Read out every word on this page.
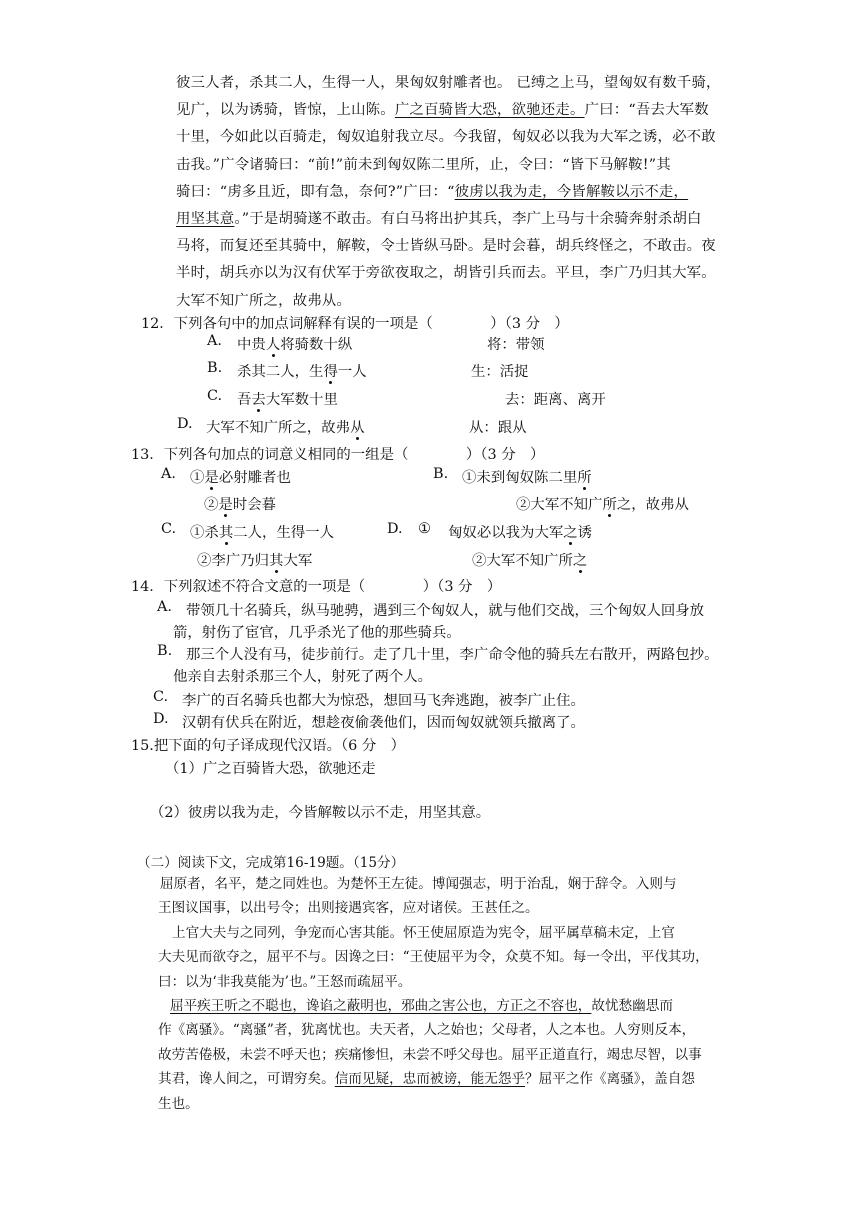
彼三人者，杀其二人，生得一人，果匈奴射雕者也。 已缚之上马，望匈奴有数千骑，
见广，以为诱骑，皆惊，上山陈。广之百骑皆大恐，欲驰还走。广曰：“吾去大军数
十里，今如此以百骑走，匈奴追射我立尽。今我留，匈奴必以我为大军之诱，必不敢
击我。”广令诸骑曰：“前!”前未到匈奴陈二里所，止，令曰：“皆下马解鞍!”其
骑曰：“虏多且近，即有急，奈何?”广曰：“彼虏以我为走，今皆解鞍以示不走，
用坚其意。”于是胡骑遂不敢击。有白马将出护其兵，李广上马与十余骑奔射杀胡白
马将，而复还至其骑中，解鞍，令士皆纵马卧。是时会暮，胡兵终怪之，不敢击。夜
半时，胡兵亦以为汉有伏军于旁欲夜取之，胡皆引兵而去。平旦，李广乃归其大军。
大军不知广所之，故弗从。
12．下列各句中的加点词解释有误的一项是（　　　　）（3 分　）
A. 中贵人将骑数十纵	将：带领
B. 杀其二人，生得一人	生：活捉
C. 吾去大军数十里	去：距离、离开
D. 大军不知广所之，故弗从	从：跟从
13．下列各句加点的词意义相同的一组是（　　　　）（3 分　）
A. ①是必射雕者也	B. ①未到匈奴陈二里所
②是时会暮	②大军不知广所之，故弗从
C. ①杀其二人，生得一人	D. ① 匈奴必以我为大军之诱
②李广乃归其大军	②大军不知广所之
14．下列叙述不符合文意的一项是（　　　　）（3 分　）
A. 带领几十名骑兵，纵马驰骋，遇到三个匈奴人，就与他们交战，三个匈奴人回身放
箭，射伤了宦官，几乎杀光了他的那些骑兵。
B. 那三个人没有马，徒步前行。走了几十里，李广命令他的骑兵左右散开，两路包抄。
他亲自去射杀那三个人，射死了两个人。
C. 李广的百名骑兵也都大为惊恐，想回马飞奔逃跑，被李广止住。
D. 汉朝有伏兵在附近，想趁夜偷袭他们，因而匈奴就领兵撤离了。
15.把下面的句子译成现代汉语。（6 分　）
（1）广之百骑皆大恐，欲驰还走
（2）彼虏以我为走，今皆解鞍以示不走，用坚其意。
（二）阅读下文，完成第16-19题。（15分）
屈原者，名平，楚之同姓也。为楚怀王左徒。博闻强志，明于治乱，娴于辞令。入则与
王图议国事，以出号令；出则接遇宾客，应对诸侯。王甚任之。
上官大夫与之同列，争宠而心害其能。怀王使屈原造为宪令，屈平属草稿未定，上官
大夫见而欲夺之，屈平不与。因谗之曰：“王使屈平为令，众莫不知。每一令出，平伐其功，
曰：以为‘非我莫能为’也。”王怒而疏屈平。
屈平疾王听之不聪也，谗谄之蔽明也，邪曲之害公也，方正之不容也，故忧愁幽思而
作《离骚》。“离骚”者，犹离忧也。夫天者，人之始也；父母者，人之本也。人穷则反本，
故劳苦倦极，未尝不呼天也；疾痛惨怛，未尝不呼父母也。屈平正道直行，竭忠尽智，以事
其君，谗人间之，可谓穷矣。信而见疑，忠而被谤，能无怨乎？屈平之作《离骚》，盖自怨
生也。
